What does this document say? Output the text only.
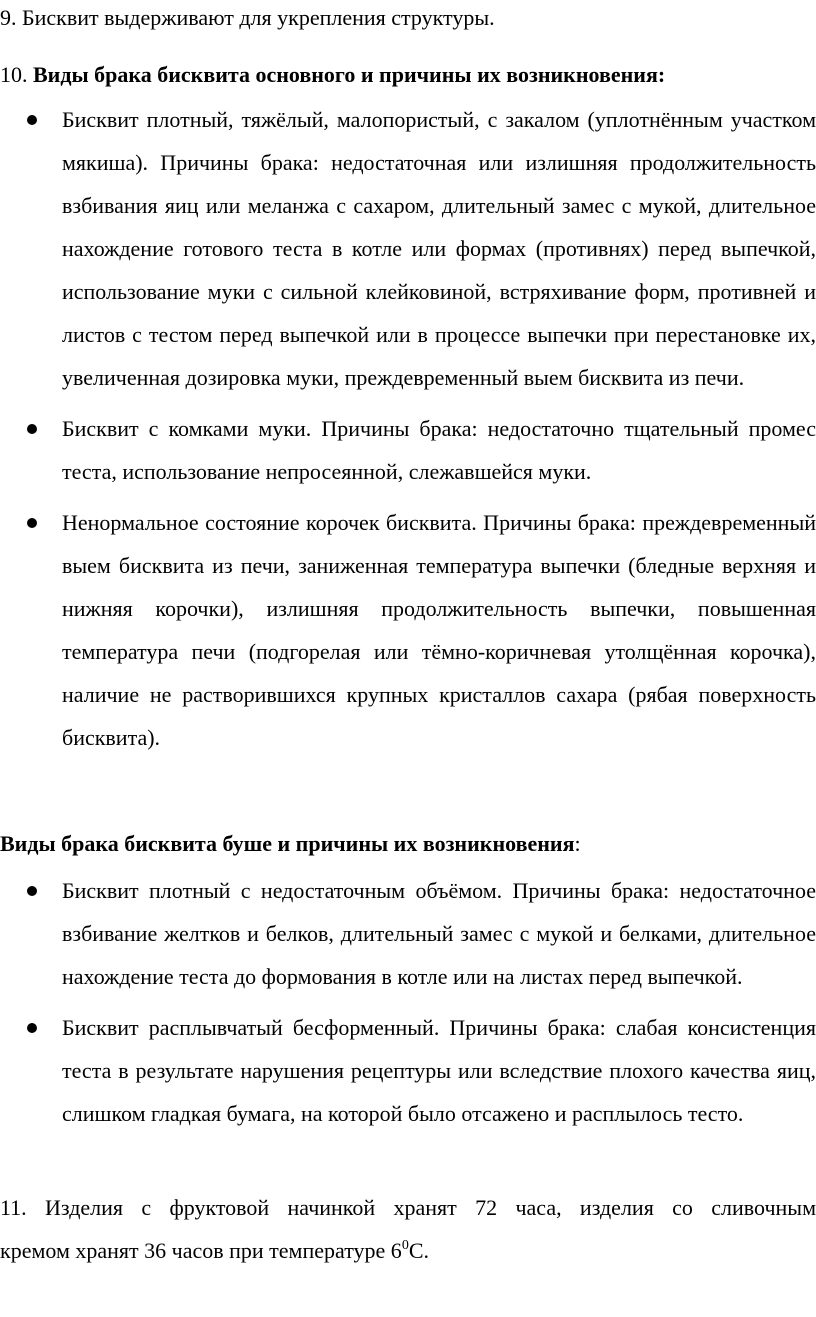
9. Бисквит выдерживают для укрепления структуры.

10. Виды брака бисквита основного и причины их возникновения:

Бисквит плотный, тяжёлый, малопористый, с закалом (уплотнённым участком мякиша). Причины брака: недостаточная или излишняя продолжительность взбивания яиц или меланжа с сахаром, длительный замес с мукой, длительное нахождение готового теста в котле или формах (противнях) перед выпечкой, использование муки с сильной клейковиной, встряхивание форм, противней и листов с тестом перед выпечкой или в процессе выпечки при перестановке их, увеличенная дозировка муки, преждевременный выем бисквита из печи.
Бисквит с комками муки. Причины брака: недостаточно тщательный промес теста, использование непросеянной, слежавшейся муки.
Ненормальное состояние корочек бисквита. Причины брака: преждевременный выем бисквита из печи, заниженная температура выпечки (бледные верхняя и нижняя корочки), излишняя продолжительность выпечки, повышенная температура печи (подгорелая или тёмно-коричневая утолщённая корочка), наличие не растворившихся крупных кристаллов сахара (рябая поверхность бисквита).

Виды брака бисквита буше и причины их возникновения:

Бисквит плотный с недостаточным объёмом. Причины брака: недостаточное взбивание желтков и белков, длительный замес с мукой и белками, длительное нахождение теста до формования в котле или на листах перед выпечкой.
Бисквит расплывчатый бесформенный. Причины брака: слабая консистенция теста в результате нарушения рецептуры или вследствие плохого качества яиц, слишком гладкая бумага, на которой было отсажено и расплылось тесто.
11. Изделия с фруктовой начинкой хранят 72 часа, изделия со сливочным
кремом хранят 36 часов при температуре $6^0С$.
